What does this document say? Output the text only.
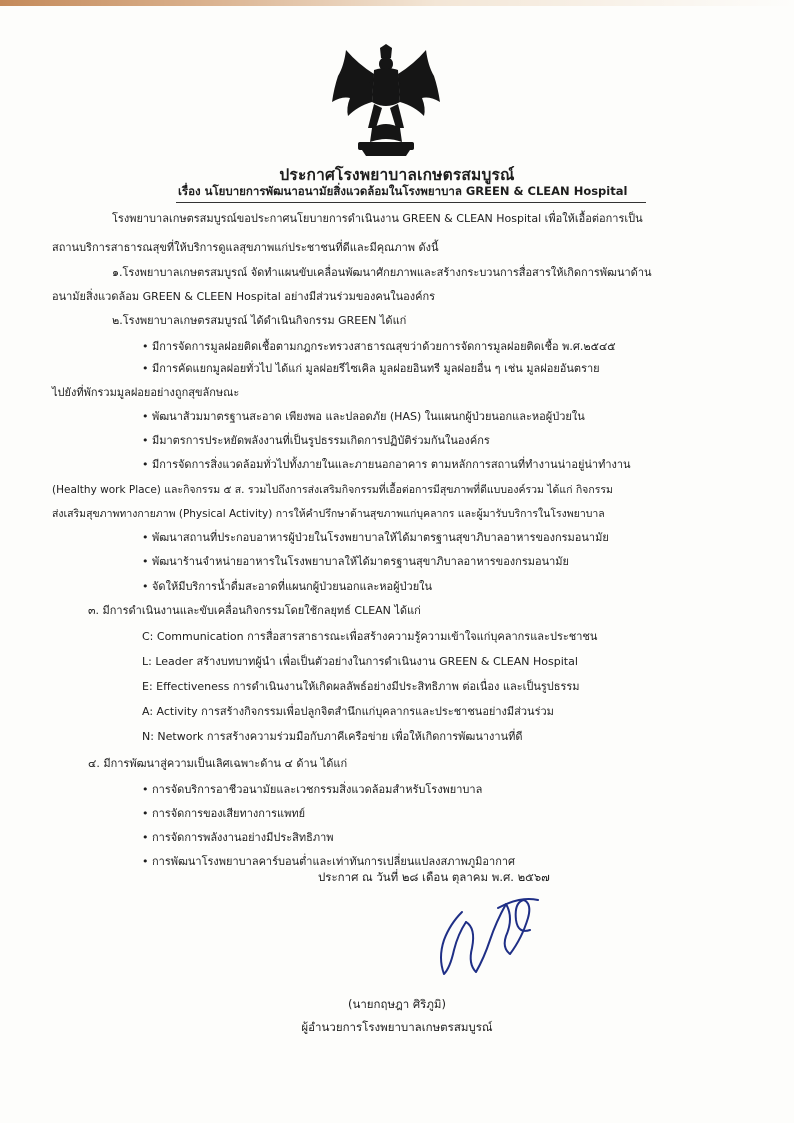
ประกาศโรงพยาบาลเกษตรสมบูรณ์
เรื่อง นโยบายการพัฒนาอนามัยสิ่งแวดล้อมในโรงพยาบาล GREEN & CLEAN Hospital
โรงพยาบาลเกษตรสมบูรณ์ขอประกาศนโยบายการดำเนินงาน GREEN & CLEAN Hospital เพื่อให้เอื้อต่อการเป็น
สถานบริการสาธารณสุขที่ให้บริการดูแลสุขภาพแก่ประชาชนที่ดีและมีคุณภาพ ดังนี้
๑.โรงพยาบาลเกษตรสมบูรณ์ จัดทำแผนขับเคลื่อนพัฒนาศักยภาพและสร้างกระบวนการสื่อสารให้เกิดการพัฒนาด้าน
อนามัยสิ่งแวดล้อม GREEN & CLEEN Hospital อย่างมีส่วนร่วมของคนในองค์กร
๒.โรงพยาบาลเกษตรสมบูรณ์ ได้ดำเนินกิจกรรม GREEN ได้แก่
• มีการจัดการมูลฝอยติดเชื้อตามกฎกระทรวงสาธารณสุขว่าด้วยการจัดการมูลฝอยติดเชื้อ พ.ศ.๒๕๔๕
• มีการคัดแยกมูลฝอยทั่วไป ได้แก่ มูลฝอยรีไซเคิล มูลฝอยอินทรี มูลฝอยอื่น ๆ เช่น มูลฝอยอันตราย
ไปยังที่พักรวมมูลฝอยอย่างถูกสุขลักษณะ
• พัฒนาส้วมมาตรฐานสะอาด เพียงพอ และปลอดภัย (HAS) ในแผนกผู้ป่วยนอกและหอผู้ป่วยใน
• มีมาตรการประหยัดพลังงานที่เป็นรูปธรรมเกิดการปฏิบัติร่วมกันในองค์กร
• มีการจัดการสิ่งแวดล้อมทั่วไปทั้งภายในและภายนอกอาคาร ตามหลักการสถานที่ทำงานน่าอยู่น่าทำงาน
(Healthy work Place) และกิจกรรม ๕ ส. รวมไปถึงการส่งเสริมกิจกรรมที่เอื้อต่อการมีสุขภาพที่ดีแบบองค์รวม ได้แก่ กิจกรรม
ส่งเสริมสุขภาพทางกายภาพ (Physical Activity) การให้คำปรึกษาด้านสุขภาพแก่บุคลากร และผู้มารับบริการในโรงพยาบาล
• พัฒนาสถานที่ประกอบอาหารผู้ป่วยในโรงพยาบาลให้ได้มาตรฐานสุขาภิบาลอาหารของกรมอนามัย
• พัฒนาร้านจำหน่ายอาหารในโรงพยาบาลให้ได้มาตรฐานสุขาภิบาลอาหารของกรมอนามัย
• จัดให้มีบริการน้ำดื่มสะอาดที่แผนกผู้ป่วยนอกและหอผู้ป่วยใน
๓. มีการดำเนินงานและขับเคลื่อนกิจกรรมโดยใช้กลยุทธ์ CLEAN ได้แก่
C: Communication การสื่อสารสาธารณะเพื่อสร้างความรู้ความเข้าใจแก่บุคลากรและประชาชน
L: Leader สร้างบทบาทผู้นำ เพื่อเป็นตัวอย่างในการดำเนินงาน GREEN & CLEAN Hospital
E: Effectiveness การดำเนินงานให้เกิดผลลัพธ์อย่างมีประสิทธิภาพ ต่อเนื่อง และเป็นรูปธรรม
A: Activity การสร้างกิจกรรมเพื่อปลูกจิตสำนึกแก่บุคลากรและประชาชนอย่างมีส่วนร่วม
N: Network การสร้างความร่วมมือกับภาคีเครือข่าย เพื่อให้เกิดการพัฒนางานที่ดี
๔. มีการพัฒนาสู่ความเป็นเลิศเฉพาะด้าน ๔ ด้าน ได้แก่
• การจัดบริการอาชีวอนามัยและเวชกรรมสิ่งแวดล้อมสำหรับโรงพยาบาล
• การจัดการของเสียทางการแพทย์
• การจัดการพลังงานอย่างมีประสิทธิภาพ
• การพัฒนาโรงพยาบาลคาร์บอนต่ำและเท่าทันการเปลี่ยนแปลงสภาพภูมิอากาศ
ประกาศ ณ วันที่ ๒๘ เดือน ตุลาคม พ.ศ. ๒๕๖๗
(นายกฤษฎา ศิริภูมิ)
ผู้อำนวยการโรงพยาบาลเกษตรสมบูรณ์
